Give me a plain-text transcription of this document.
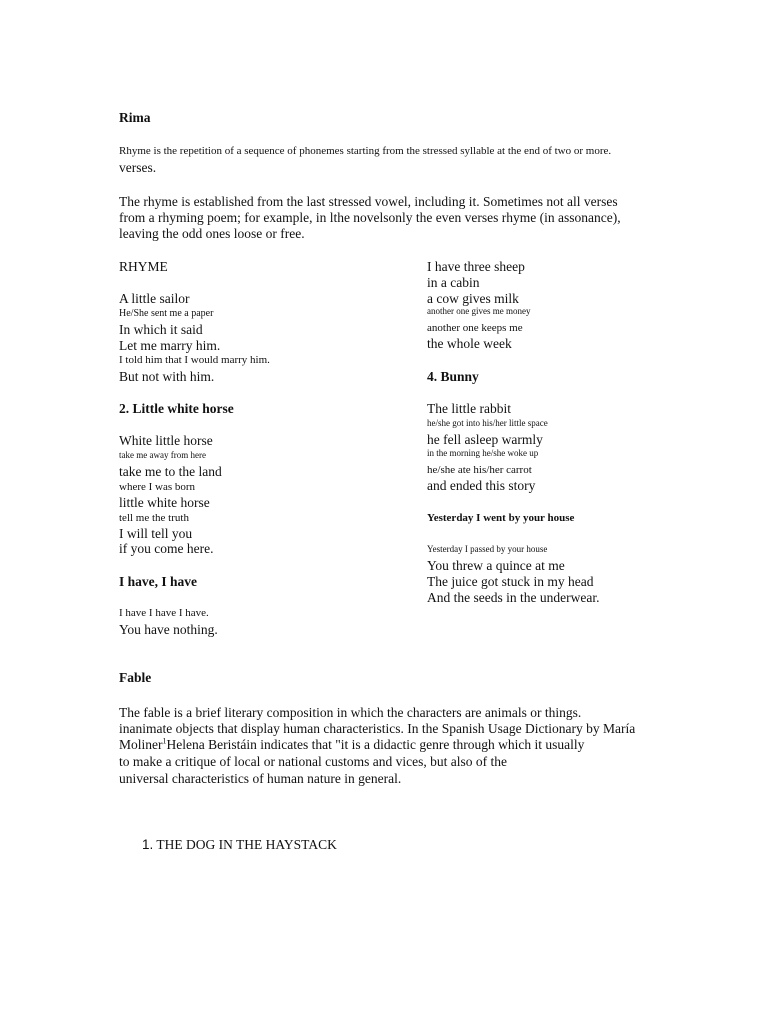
Rima
Rhyme is the repetition of a sequence of phonemes starting from the stressed syllable at the end of two or more.
verses.
The rhyme is established from the last stressed vowel, including it. Sometimes not all verses
from a rhyming poem; for example, in lthe novelsonly the even verses rhyme (in assonance),
leaving the odd ones loose or free.
RHYME
A little sailor
He/She sent me a paper
In which it said
Let me marry him.
I told him that I would marry him.
But not with him.
2. Little white horse
White little horse
take me away from here
take me to the land
where I was born
little white horse
tell me the truth
I will tell you
if you come here.
I have, I have
I have I have I have.
You have nothing.
I have three sheep
in a cabin
a cow gives milk
another one gives me money
another one keeps me
the whole week
4. Bunny
The little rabbit
he/she got into his/her little space
he fell asleep warmly
in the morning he/she woke up
he/she ate his/her carrot
and ended this story
Yesterday I went by your house
Yesterday I passed by your house
You threw a quince at me
The juice got stuck in my head
And the seeds in the underwear.
Fable
The fable is a brief literary composition in which the characters are animals or things.
inanimate objects that display human characteristics. In the Spanish Usage Dictionary by María
Moliner$^1$Helena Beristáin indicates that "it is a didactic genre through which it usually
to make a critique of local or national customs and vices, but also of the
universal characteristics of human nature in general.
1. THE DOG IN THE HAYSTACK
